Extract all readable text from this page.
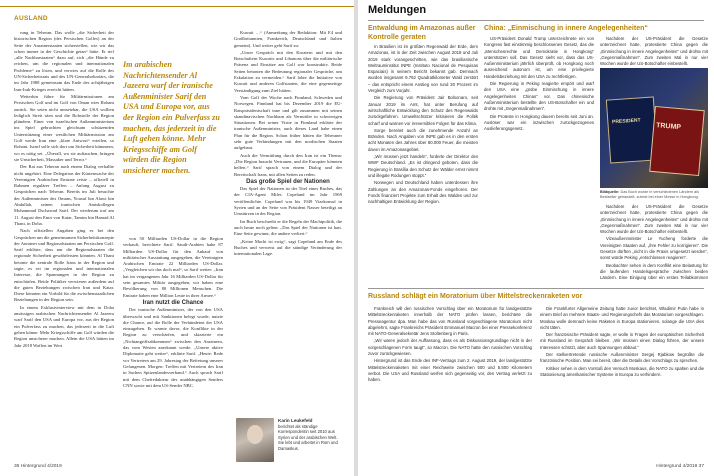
AUSLAND

rung in Teheran. Das wolle „die Sicherheit der historischen Region (des Persischen Golfes) an der Seite der Anrainerstaaten sicherstellen, wie wir das schon immer in der Geschichte getan“ hätte. Er rief „alle Nachbarstaaten“ dazu auf, sich „die Hände zu reichen, um die regionalen und internationalen Probleme“ zu lösen, und verwies auf die Rolle des UN-Sicherheitsrats und des UN-Generalsekretärs, die im Jahr 1988 gemeinsam das Ende des achtjährigen Iran-Irak-Krieges erreicht hätten.

Weiterhin führe für Militärmissionen am Persischen Golf und im Golf von Oman wies Rohani zurück. Sie seien nicht umsetzbar, die USA wollten lediglich Streit säen und die Rohstoffe der Region plündern. Einer von israelischen Außenministerium ins Spiel gebrachten gleichsam schützenden Unterstützung einer westlichen Militärmission am Golf werde Iran eine „klare Antwort“ erteilen, so Rohani. Israel solle sich dort um Sicherheit kümmern, wo es nötig sei. „Überall, wo sie auftauchen, bringen sie Unsicherheit, Massaker und Terror.“

Der Rat aus Teheran nach einem Dialog verhallte nicht ungehört. Eine Delegation der Küstenwache der Vereinigten Arabischen Emirate reiste – offiziell in Rahmen regulärer Treffen – Anfang August zu Gesprächen nach Teheran. Bereits im Juli besuchte der Außenminister des Omans, Yousuf bin Alawi bin Abdullah, seinen iranischen Amtskollegen Mohammad Dschawad Sarif. Der wiederum traf am 11. August den Emir von Katar, Tamim bin Hamad Al Thani, in Doha.

Nach offiziellen Angaben ging es bei den Gesprächen um die gemeinsamen Sicherheitskonzepte der Anrainer und Regionalstaaten am Persischen Golf. Sarif erklärte, dass nur die Regionalstaaten die regionale Sicherheit gewährleisten könnten. Al Thani betonte die zentrale Rolle Irans in der Region und sagte, es sei im regionalen und internationalen Interesse, die Spannungen in der Region zu entschärfen. Beide Politiker verwiesen außerdem auf die guten Beziehungen zwischen Iran und Katar. Diese könnten ein Vorbild für die zwischenstaatlichen Beziehungen in der Region sein.

In einem Exklusivinterview mit dem in Doha ansässigen arabischen Nachrichtensender Al Jazeera warf Sarif den USA und Europa vor, aus der Region ein Pulverfass zu machen, das jederzeit in die Luft gehen könne. Mehr Kriegsschiffe am Golf würden die Region unsicherer machen. Allein die USA hätten im Jahr 2018 Waffen im Wert

Im arabischen Nachrichtensender Al Jazeera warf der iranische Außenminister Sarif den USA und Europa vor, aus der Region ein Pulverfass zu machen, das jederzeit in die Luft gehen könne. Mehr Kriegsschiffe am Golf würden die Region unsicherer machen.

von 50 Milliarden US-Dollar in die Region verkauft, berichtete Sarif. Saudi-Arabien habe 87 Milliarden US-Dollar für den Ankauf von militärischer Ausstattung ausgegeben, die Vereinigten Arabischen Emirate 22 Milliarden US-Dollar. „Vergleichen wir das doch mal“, so Sarif weiter: „Iran hat im vergangenen Jahr 16 Milliarden US-Dollar für sein gesamtes Militär ausgegeben, wir haben eine Bevölkerung von 80 Millionen Menschen. Die Emirate haben eine Million Leute in ihrer Armee.“

Iran nutzt die Chance

Der iranische Außenminister, der von den USA überwacht und mit Sanktionen belegt wurde, nutzte die Chance, auf die Rolle der Verbündeten der USA einzugehen. Er warnte davor, die Konflikte in der Region zu verschärfen, und skizzierte ein „Nichtangriffsabkommen“ zwischen den Anrainern, das vom Westen anerkannt werde. „Unsere aktive Diplomatie geht weiter“, erklärte Sarif. „Heute: Rede vor Vertretern am 29. Jahrestag der Befreiung unserer Gefangenen. Morgen: Treffen mit Vertretern des Iran in Sachen Spitzenlandesverband.“ Auch sprach Sarif mit dem Chefredakteur des unabhängigen Senders CNN sowie mit dem US-Sender NBC.

Kuwait …“ (Anmerkung der Redaktion: Mit E4 und Großbritannien, Frankreich, Deutschland und Italien gemeint). Und weiter geht Sarif zu:

„Unser Gespräch mit den Kroatern und mit den Botschaftern Kuwaits und Libanons über die militärische Präsenz und Einsätze am Golf war konstruktiv. Beide Seiten betonten die Bedeutung regionaler Gespräche, um Eskalation zu vermeiden.“ Sarif lobte die Initiative von Kuwait und anderen Golfstaaten, die eine gegenseitige Verständigung zum Ziel hätten.

Vom Golf der Woche nach Finnland, Schweden und Norwegen. Finnland hat bis Dezember 2019 die EU-Ratspräsidentschaft inne und gilt zusammen mit seinen skandinavischen Nachbarn als Vermittler in schwierigen Situationen. Bei seiner Visite in Finnland erklärte der iranische Außenminister, auch dieses Land habe einen Plan für die Region. Schon früher hätten die Teheraner sehr gute Verbindungen mit den nordischen Staaten aufgebaut.

Auch die Vermittlung durch den Iran ist ein Thema: „Die Region braucht Vertrauen, und die Europäer könnten helfen.“ Sarif sprach von einem Dialog und der Bereitschaft Irans, mit allen Seiten zu reden.

Das große Spiel der Nationen

Das Spiel der Nationen ist der Titel eines Buches, das der CIA-Agent Miles Copeland im Jahr 1969 veröffentlichte. Copeland war bis 1949 Vizekonsul in Syrien und an der Seite von Präsident Nasser beteiligt an Umstürzen in der Region.

Im Buch beschreibt er die Regeln der Machtpolitik, die auch heute noch gelten: „Das Spiel der Nationen ist hart. Eine Seite gewinnt, die andere verliert.“

„Keine Macht ist ewig“, sagt Copeland am Ende des Buches und verweist auf die ständige Veränderung der internationalen Lage.

Karin Leukefeld
berichtet als ständige Korrespondentin seit 2010 aus Syrien und der arabischen Welt. Sie lebt und arbeitet in Rom und Damaskus.
36 Hintergrund 4/2019
Meldungen
Entwaldung im Amazonas außer Kontrolle geraten

In Brasilien ist im größten Regenwald der Erde, dem Amazonas, ist in der Zeit zwischen August 2018 und Juli 2019 stark vorangeschritten, wie das brasilianische Weltrauminstitut INPE (Instituto Nacional de Pesquisas Espaciais) in seinem Bericht bekannt gab. Demnach wurden insgesamt 9.762 Quadratkilometer Wald zerstört – das entspricht einem Anstieg von rund 30 Prozent im Vergleich zum Vorjahr.

Die Regierung von Präsident Jair Bolsonaro, seit Januar 2019 im Amt, hat unter Berufung auf wirtschaftliche Entwicklung den Schutz des Regenwalds zurückgefahren. Umweltschützer kritisieren die Politik scharf und warnen vor irreversiblen Folgen für das Klima.

Sorge bereitet auch die zunehmende Anzahl an Bränden. Nach Angaben von INPE gab es in den ersten acht Monaten des Jahres über 80.000 Feuer, die meisten davon im Amazonasgebiet.

„Wir müssen jetzt handeln“, forderte der Direktor des WWF Deutschland. „Es ist dringend geboten, dass die Regierung in Brasília den Schutz der Wälder ernst nimmt und illegale Rodungen stoppt.“

Norwegen und Deutschland haben unterdessen ihre Zahlungen an den Amazonas-Fonds eingefroren. Der Fonds finanziert Projekte zum Erhalt des Waldes und zur nachhaltigen Entwicklung der Region.

China: „Einmischung in innere Angelegenheiten“

US-Präsident Donald Trump unterzeichnete ein von Kongress fast einstimmig beschlossenes Gesetz, das die „Menschenrechte und Demokratie in Hongkong“ unterstützen soll. Das Gesetz sieht vor, dass das US-Außenministerium jährlich überprüft, ob Hongkong noch ausreichend autonom ist, um eine privilegierte Handelsbeziehung mit den USA zu rechtfertigen.

Die Regierung in Peking reagierte empört und warf den USA eine „grobe Einmischung in innere Angelegenheiten Chinas“ vor. Das chinesische Außenministerium bestellte den US-Botschafter ein und drohte mit „Gegenmaßnahmen“.

Die Proteste in Hongkong dauern bereits seit Juni an. Auslöser war ein inzwischen zurückgezogenes Auslieferungsgesetz.

Nachdem der US-Präsident die Gesetze unterzeichnet hatte, protestierte China gegen die „Einmischung in innere Angelegenheiten“ und drohte mit „Gegenmaßnahmen“. Zum zweiten Mal in nur vier Wochen wurde der US-Botschafter einbestellt.

PRESIDENT
TRUMP
Bildquelle: Das Buch wurde in verschiedenen Ländern als Bestseller gehandelt, zuletzt bei einer Messe in Hongkong.

Nachdem der US-Präsident die Gesetze unterzeichnet hatte, protestierte China gegen die „Einmischung in innere Angelegenheiten“ und drohte mit „Gegenmaßnahmen“. Zum zweiten Mal in nur vier Wochen wurde der US-Botschafter einbestellt.

Vizeaußenminister Le Yucheng forderte die Vereinigten Staaten auf, „ihre Fehler zu korrigieren“. Die Gesetze dürften „nicht in die Praxis umgesetzt werden“, sonst würde Peking „entschlossen reagieren“.

Beobachter sehen in dem Konflikt eine Belastung für die laufenden Handelsgespräche zwischen beiden Ländern. Eine Einigung über ein erstes Teilabkommen

Russland schlägt ein Moratorium über Mittelstreckenraketen vor

Frankreich will den russischen Vorschlag über ein Moratorium für landgestützte Mittelstreckenraketen innerhalb der NATO prüfen lassen, berichtete die Presseagentur dpa. Man habe das von Russland vorgeschlagene Moratorium nicht abgelehnt, sagte Frankreichs Präsident Emmanuel Macron bei einer Pressekonferenz mit NATO-Generalsekretär Jens Stoltenberg in Paris.

„Wir waren jedoch der Auffassung, dass es als Diskussionsgrundlage nicht in der vorgeschlagenen Form taugt“, so Macron. Die NATO hatte den russischen Vorschlag zuvor zurückgewiesen.

Hintergrund ist das Ende des INF-Vertrags zum 2. August 2019, der landgestützte Mittelstreckenraketen mit einer Reichweite zwischen 500 und 5.500 Kilometern verbot. Die USA und Russland werfen sich gegenseitig vor, den Vertrag verletzt zu haben.

Die Frankfurter Allgemeine Zeitung hatte zuvor berichtet, Wladimir Putin habe in einem Brief an mehrere Staats- und Regierungschefs das Moratorium vorgeschlagen. Moskau wolle demnach keine Raketen in Europa stationieren, solange die USA dies nicht täten.

Der französische Präsident sagte, er wolle in Fragen der europäischen Sicherheit mit Russland im Gespräch bleiben. „Wir müssen einen Dialog führen, der unsere Interessen schützt, aber auch Spannungen abbaut.“

Der stellvertretende russische Außenminister Sergej Rjabkow begrüßte die französische Position. Man sei bereit, über die Details des Vorschlags zu sprechen.

Kritiker sehen in dem Vorstoß den Versuch Moskaus, die NATO zu spalten und die Stationierung amerikanischer Systeme in Europa zu verhindern.

Hintergrund 4/2019 37
